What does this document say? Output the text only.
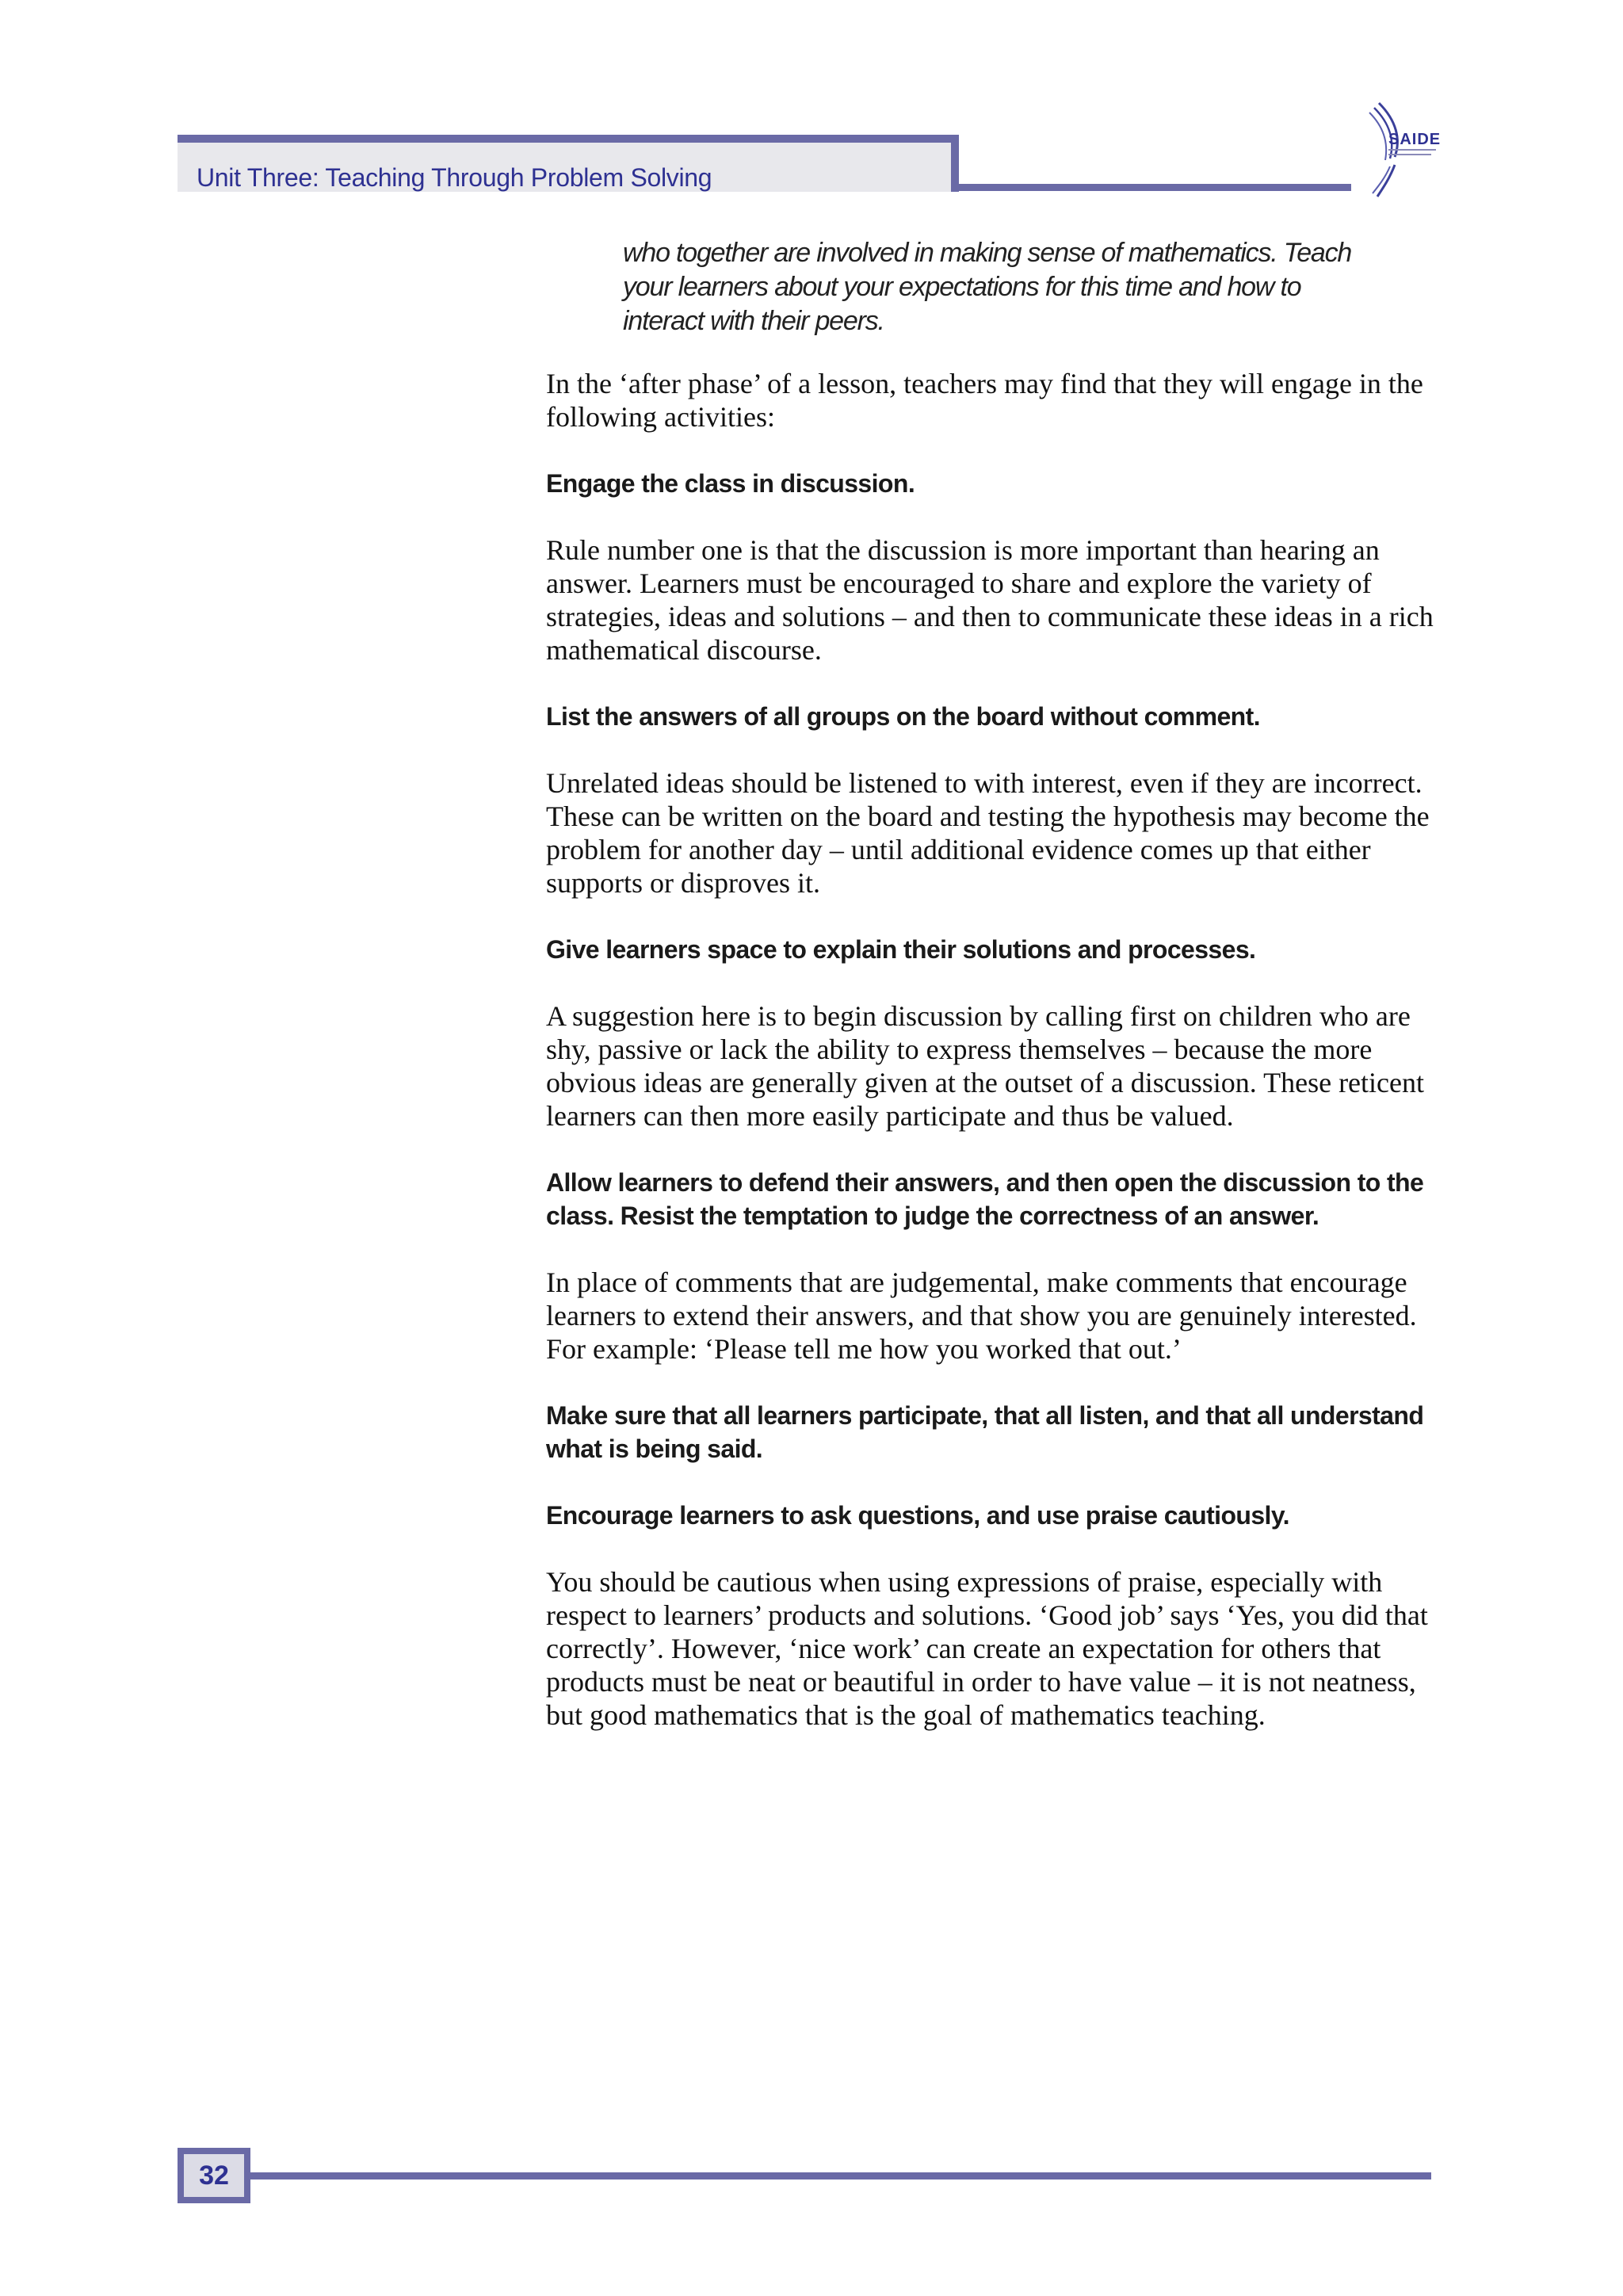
Unit Three: Teaching Through Problem Solving
SAIDE

who together are involved in making sense of mathematics. Teach your learners about your expectations for this time and how to interact with their peers.

In the ‘after phase’ of a lesson, teachers may find that they will engage in the following activities:

Engage the class in discussion.

Rule number one is that the discussion is more important than hearing an answer. Learners must be encouraged to share and explore the variety of strategies, ideas and solutions – and then to communicate these ideas in a rich mathematical discourse.

List the answers of all groups on the board without comment.

Unrelated ideas should be listened to with interest, even if they are incorrect. These can be written on the board and testing the hypothesis may become the problem for another day – until additional evidence comes up that either supports or disproves it.

Give learners space to explain their solutions and processes.

A suggestion here is to begin discussion by calling first on children who are shy, passive or lack the ability to express themselves – because the more obvious ideas are generally given at the outset of a discussion. These reticent learners can then more easily participate and thus be valued.

Allow learners to defend their answers, and then open the discussion to the class. Resist the temptation to judge the correctness of an answer.

In place of comments that are judgemental, make comments that encourage learners to extend their answers, and that show you are genuinely interested. For example: ‘Please tell me how you worked that out.’

Make sure that all learners participate, that all listen, and that all understand what is being said.

Encourage learners to ask questions, and use praise cautiously.

You should be cautious when using expressions of praise, especially with respect to learners’ products and solutions. ‘Good job’ says ‘Yes, you did that correctly’. However, ‘nice work’ can create an expectation for others that products must be neat or beautiful in order to have value – it is not neatness, but good mathematics that is the goal of mathematics teaching.

32
